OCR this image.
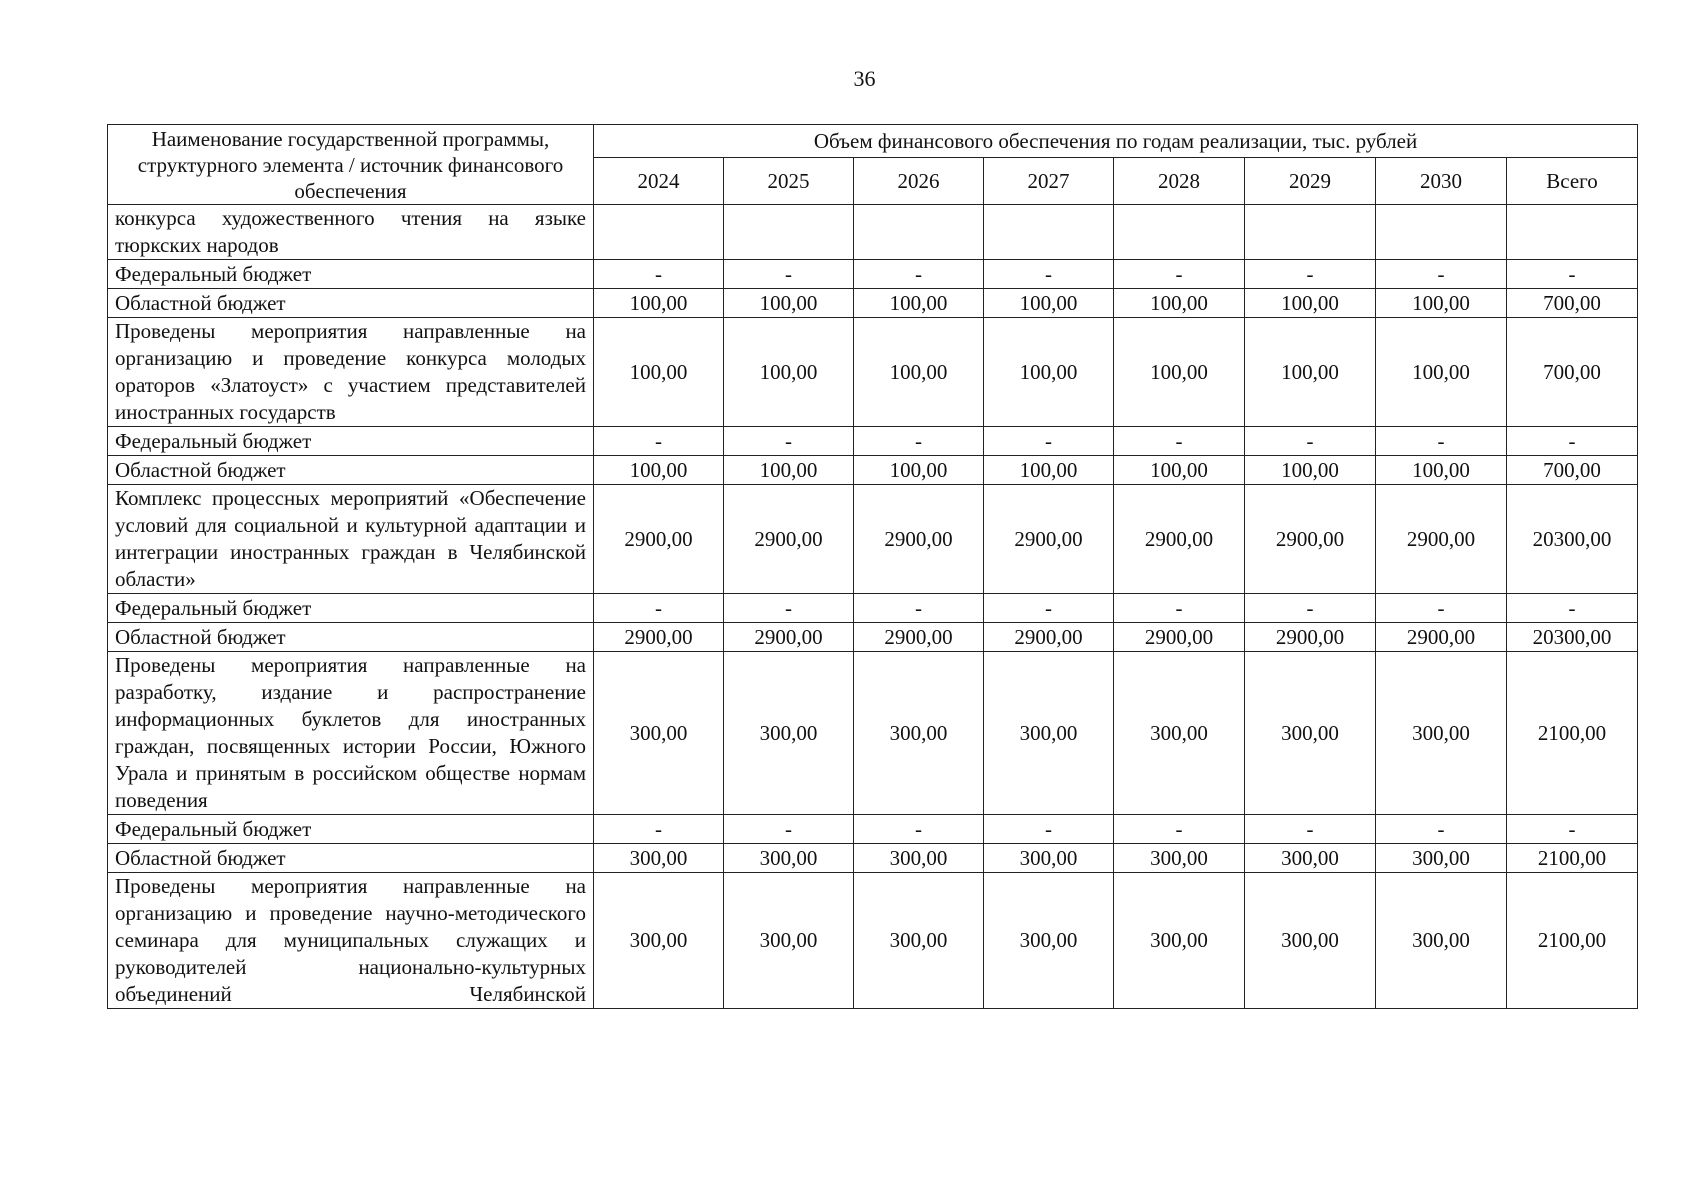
36
Наименование государственной программы, структурного элемента / источник финансового обеспечения	Объем финансового обеспечения по годам реализации, тыс. рублей							
	2024	2025	2026	2027	2028	2029	2030	Всего
конкурса художественного чтения на языке тюркских народов								
Федеральный бюджет	-	-	-	-	-	-	-	-
Областной бюджет	100,00	100,00	100,00	100,00	100,00	100,00	100,00	700,00
Проведены мероприятия направленные на организацию и проведение конкурса молодых ораторов «Златоуст» с участием представителей иностранных государств	100,00	100,00	100,00	100,00	100,00	100,00	100,00	700,00
Федеральный бюджет	-	-	-	-	-	-	-	-
Областной бюджет	100,00	100,00	100,00	100,00	100,00	100,00	100,00	700,00
Комплекс процессных мероприятий «Обеспечение условий для социальной и культурной адаптации и интеграции иностранных граждан в Челябинской области»	2900,00	2900,00	2900,00	2900,00	2900,00	2900,00	2900,00	20300,00
Федеральный бюджет	-	-	-	-	-	-	-	-
Областной бюджет	2900,00	2900,00	2900,00	2900,00	2900,00	2900,00	2900,00	20300,00
Проведены мероприятия направленные на разработку, издание и распространение информационных буклетов для иностранных граждан, посвященных истории России, Южного Урала и принятым в российском обществе нормам поведения	300,00	300,00	300,00	300,00	300,00	300,00	300,00	2100,00
Федеральный бюджет	-	-	-	-	-	-	-	-
Областной бюджет	300,00	300,00	300,00	300,00	300,00	300,00	300,00	2100,00
Проведены мероприятия направленные на организацию и проведение научно-методического семинара для муниципальных служащих и руководителей национально-культурных объединений Челябинской	300,00	300,00	300,00	300,00	300,00	300,00	300,00	2100,00
